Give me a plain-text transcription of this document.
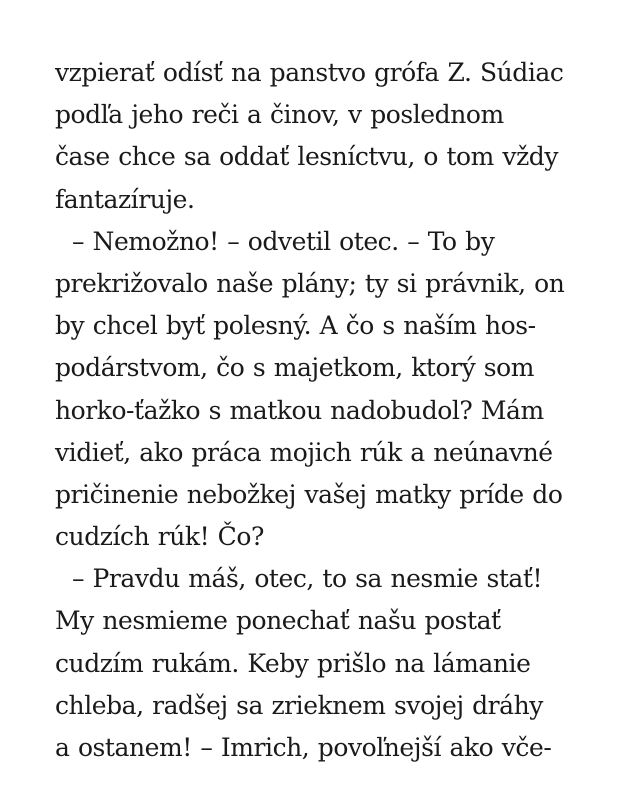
vzpierať odísť na panstvo grófa Z. Súdiac
podľa jeho reči a činov, v poslednom
čase chce sa oddať lesníctvu, o tom vždy
fantazíruje.
– Nemožno! – odvetil otec. – To by
prekrižovalo naše plány; ty si právnik, on
by chcel byť polesný. A čo s naším hos-
podárstvom, čo s majetkom, ktorý som
horko-ťažko s matkou nadobudol? Mám
vidieť, ako práca mojich rúk a neúnavné
pričinenie nebožkej vašej matky príde do
cudzích rúk! Čo?
– Pravdu máš, otec, to sa nesmie stať!
My nesmieme ponechať našu postať
cudzím rukám. Keby prišlo na lámanie
chleba, radšej sa zrieknem svojej dráhy
a ostanem! – Imrich, povoľnejší ako vče-
